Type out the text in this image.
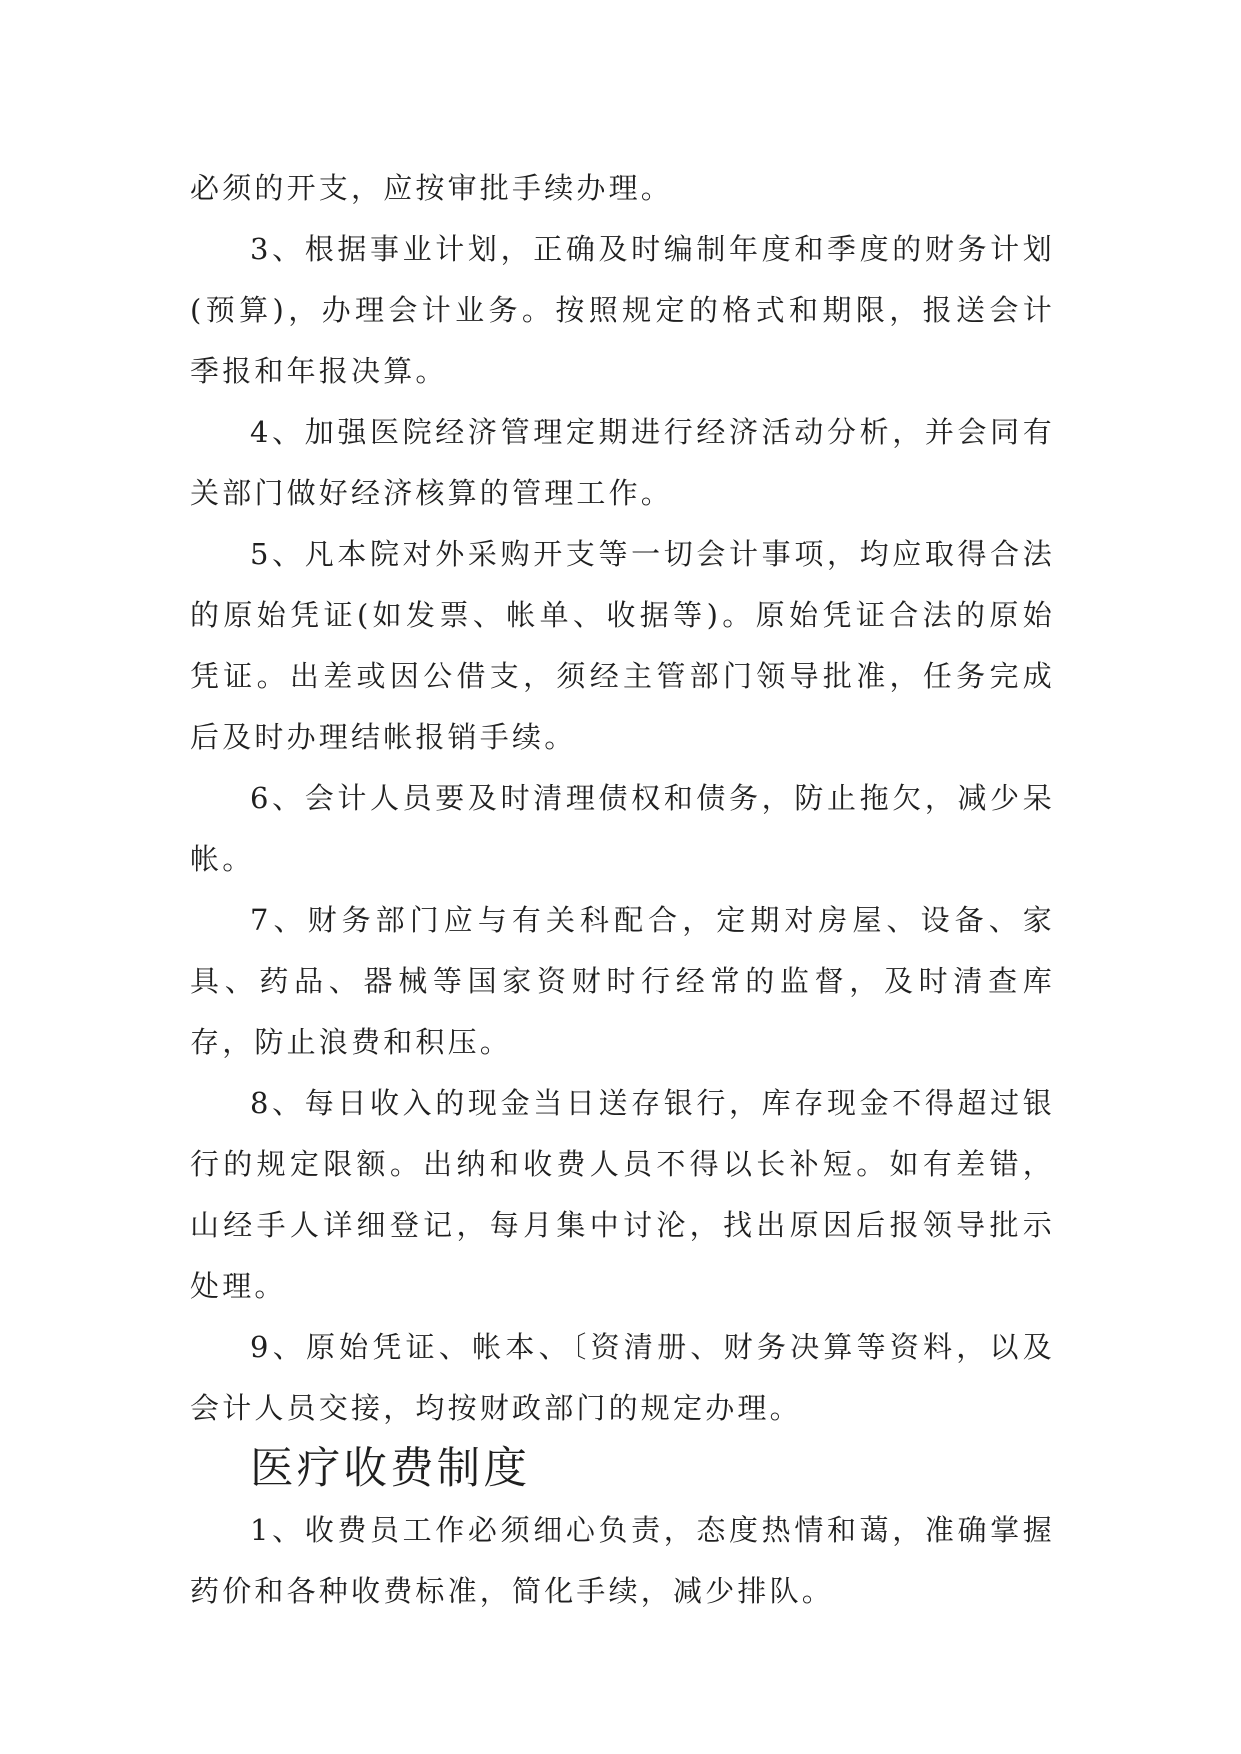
必须的开支，应按审批手续办理。

3、根据事业计划，正确及时编制年度和季度的财务计划(预算)，办理会计业务。按照规定的格式和期限，报送会计季报和年报决算。

4、加强医院经济管理定期进行经济活动分析，并会同有关部门做好经济核算的管理工作。

5、凡本院对外采购开支等一切会计事项，均应取得合法的原始凭证(如发票、帐单、收据等)。原始凭证合法的原始凭证。出差或因公借支，须经主管部门领导批准，任务完成后及时办理结帐报销手续。

6、会计人员要及时清理债权和债务，防止拖欠，减少呆帐。

7、财务部门应与有关科配合，定期对房屋、设备、家具、药品、器械等国家资财时行经常的监督，及时清查库存，防止浪费和积压。

8、每日收入的现金当日送存银行，库存现金不得超过银行的规定限额。出纳和收费人员不得以长补短。如有差错，山经手人详细登记，每月集中讨沦，找出原因后报领导批示处理。

9、原始凭证、帐本、〔资清册、财务决算等资料，以及会计人员交接，均按财政部门的规定办理。

医疗收费制度

1、收费员工作必须细心负责，态度热情和蔼，准确掌握药价和各种收费标准，简化手续，减少排队。
